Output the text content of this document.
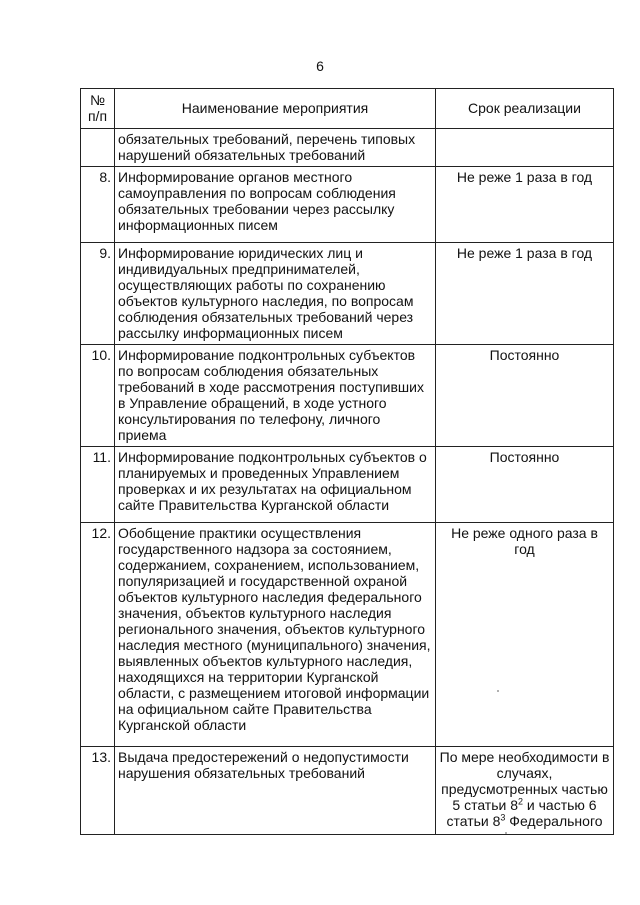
6
№
п/п	Наименование мероприятия	Срок реализации
	обязательных требований, перечень типовых нарушений обязательных требований	
8.	Информирование органов местного самоуправления по вопросам соблюдения обязательных требовании через рассылку информационных писем	Не реже 1 раза в год
9.	Информирование юридических лиц и индивидуальных предпринимателей, осуществляющих работы по сохранению объектов культурного наследия, по вопросам соблюдения обязательных требований через рассылку информационных писем	Не реже 1 раза в год
10.	Информирование подконтрольных субъектов по вопросам соблюдения обязательных требований в ходе рассмотрения поступивших в Управление обращений, в ходе устного консультирования по телефону, личного приема	Постоянно
11.	Информирование подконтрольных субъектов о планируемых и проведенных Управлением проверках и их результатах на официальном сайте Правительства Курганской области	Постоянно
12.	Обобщение практики осуществления государственного надзора за состоянием, содержанием, сохранением, использованием, популяризацией и государственной охраной объектов культурного наследия федерального значения, объектов культурного наследия регионального значения, объектов культурного наследия местного (муниципального) значения, выявленных объектов культурного наследия, находящихся на территории Курганской области, с размещением итоговой информации на официальном сайте Правительства Курганской области	Не реже одного раза в год
13.	Выдача предостережений о недопустимости нарушения обязательных требований	По мере необходимости в случаях, предусмотренных частью 5 статьи $8^2$ и частью 6 статьи $8^3$ Федерального
